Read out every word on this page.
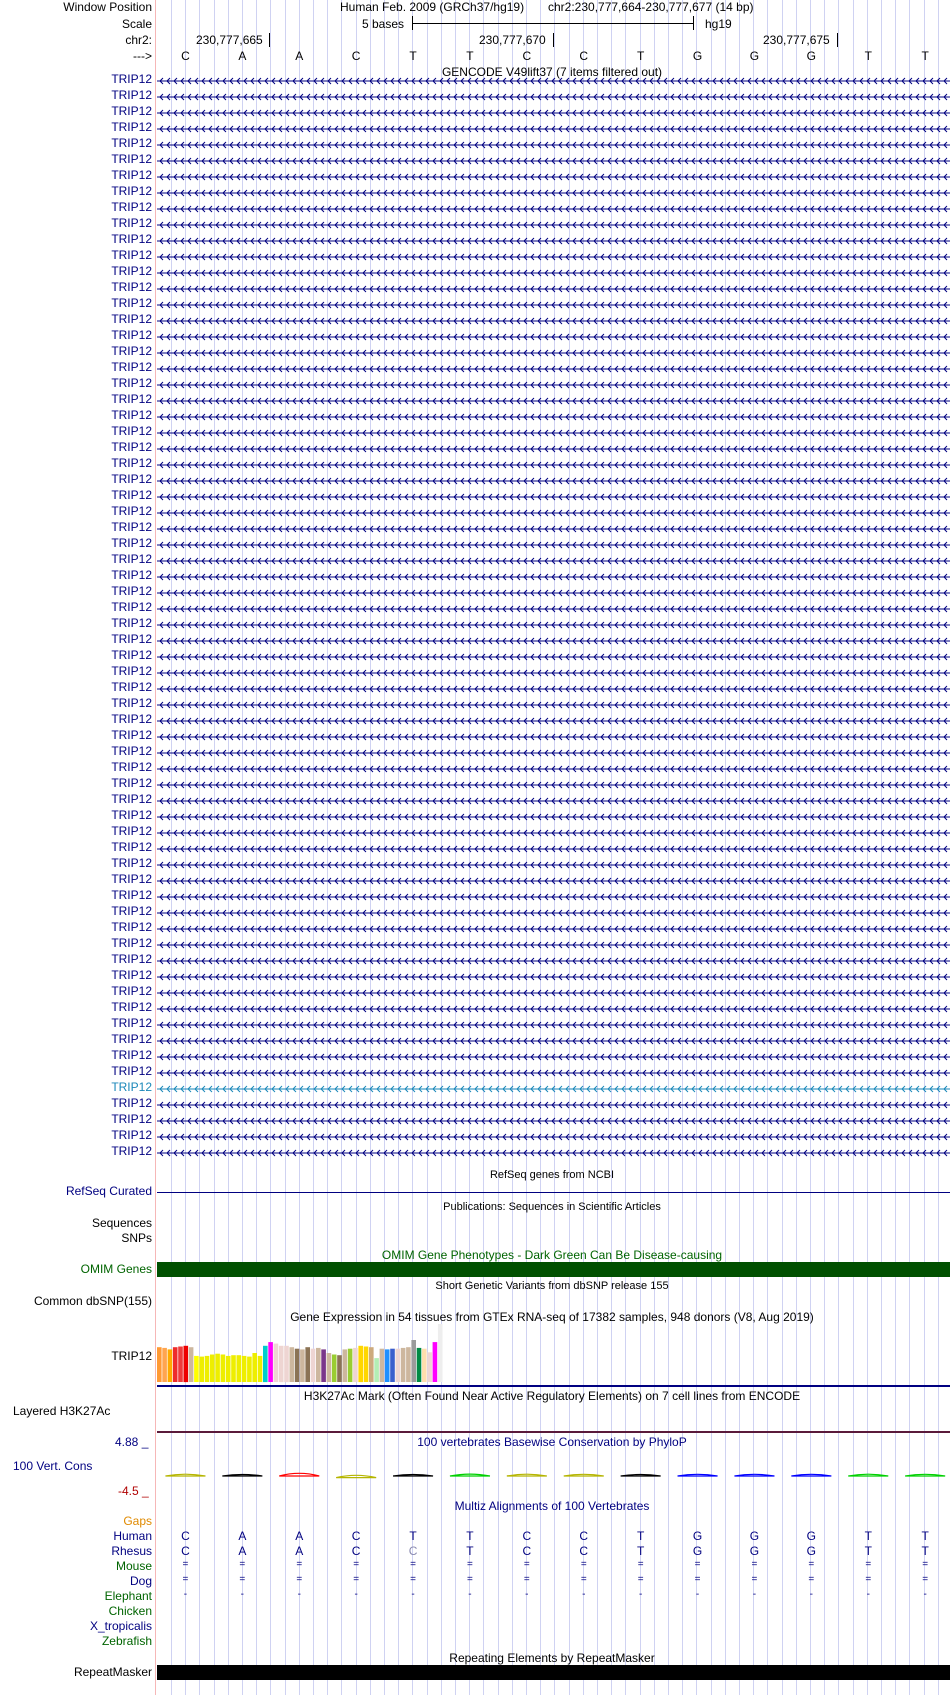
Window Position
Scale
chr2:
--->
Human Feb. 2009 (GRCh37/hg19) chr2:230,777,664-230,777,677 (14 bp)
5 bases	hg19
230,777,665	230,777,670	230,777,675
C	A	A	C	T	T	C	C	T	G	G	G	T	T
GENCODE V49lift37 (7 items filtered out)
TRIP12
TRIP12
TRIP12
TRIP12
TRIP12
TRIP12
TRIP12
TRIP12
TRIP12
TRIP12
TRIP12
TRIP12
TRIP12
TRIP12
TRIP12
TRIP12
TRIP12
TRIP12
TRIP12
TRIP12
TRIP12
TRIP12
TRIP12
TRIP12
TRIP12
TRIP12
TRIP12
TRIP12
TRIP12
TRIP12
TRIP12
TRIP12
TRIP12
TRIP12
TRIP12
TRIP12
TRIP12
TRIP12
TRIP12
TRIP12
TRIP12
TRIP12
TRIP12
TRIP12
TRIP12
TRIP12
TRIP12
TRIP12
TRIP12
TRIP12
TRIP12
TRIP12
TRIP12
TRIP12
TRIP12
TRIP12
TRIP12
TRIP12
TRIP12
TRIP12
TRIP12
TRIP12
TRIP12
TRIP12
TRIP12
TRIP12
TRIP12
TRIP12
RefSeq genes from NCBI
RefSeq Curated
Publications: Sequences in Scientific Articles
Sequences
SNPs
OMIM Gene Phenotypes - Dark Green Can Be Disease-causing
OMIM Genes
Short Genetic Variants from dbSNP release 155
Common dbSNP(155)
Gene Expression in 54 tissues from GTEx RNA-seq of 17382 samples, 948 donors (V8, Aug 2019)
TRIP12
H3K27Ac Mark (Often Found Near Active Regulatory Elements) on 7 cell lines from ENCODE
Layered H3K27Ac
100 vertebrates Basewise Conservation by PhyloP
4.88 _
100 Vert. Cons
-4.5 _
Multiz Alignments of 100 Vertebrates
Gaps
Human C	A	A	C	T	T	C	C	T	G	G	G	T	T
Rhesus C	A	A	C	C	T	C	C	T	G	G	G	T	T
Mouse	=	=	=	=	=	=	=	=	=	=	=	=	=	=
Dog	=	=	=	=	=	=	=	=	=	=	=	=	=	=
Elephant	-	-	-	-	-	-	-	-	-	-	-	-	-	-
Chicken
X_tropicalis
Zebrafish
Repeating Elements by RepeatMasker
RepeatMasker
